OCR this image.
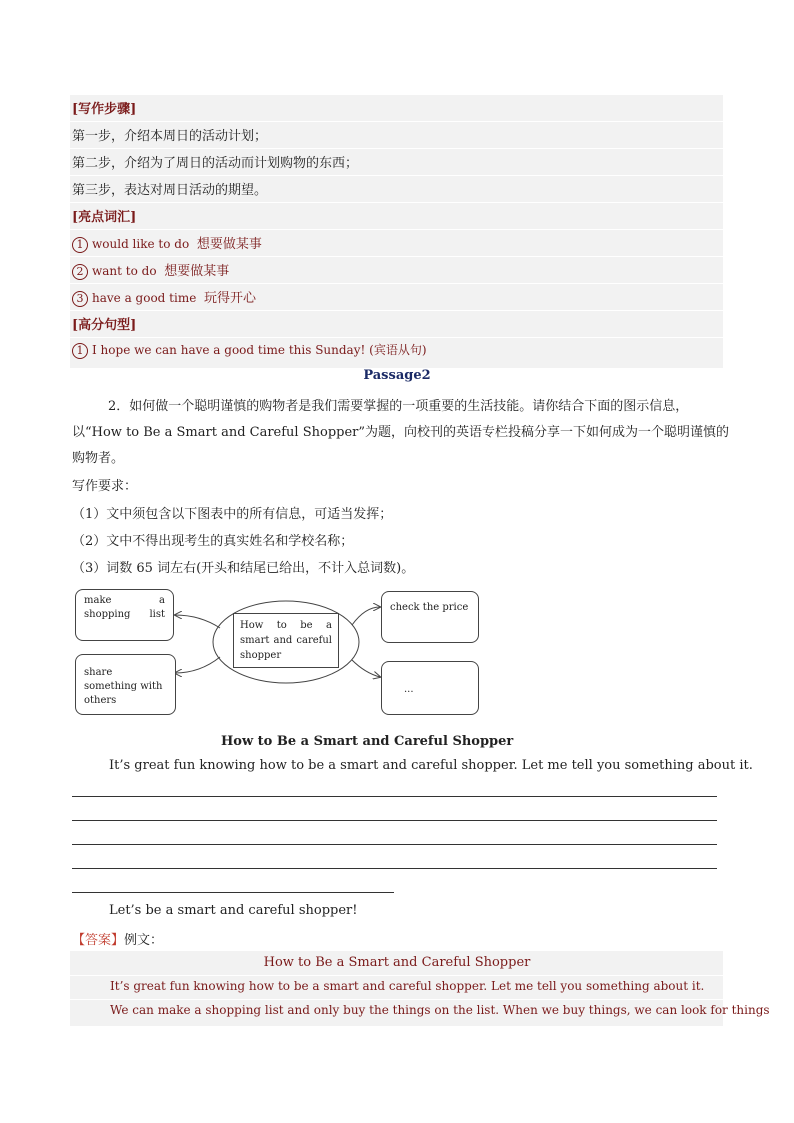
[写作步骤]
第一步，介绍本周日的活动计划；
第二步，介绍为了周日的活动而计划购物的东西；
第三步，表达对周日活动的期望。
[亮点词汇]
1 would like to do 想要做某事
2 want to do 想要做某事
3 have a good time 玩得开心
[高分句型]
1 I hope we can have a good time this Sunday! (宾语从句)
Passage2
2．如何做一个聪明谨慎的购物者是我们需要掌握的一项重要的生活技能。请你结合下面的图示信息，
以“How to Be a Smart and Careful Shopper”为题，向校刊的英语专栏投稿分享一下如何成为一个聪明谨慎的
购物者。
写作要求：
（1）文中须包含以下图表中的所有信息，可适当发挥；
（2）文中不得出现考生的真实姓名和学校名称；
（3）词数 65 词左右(开头和结尾已给出，不计入总词数)。
How to be a smart and careful shopper
make a shopping list
share something with others
check the price
...
How to Be a Smart and Careful Shopper
It’s great fun knowing how to be a smart and careful shopper. Let me tell you something about it.
Let’s be a smart and careful shopper!
【答案】例文：
How to Be a Smart and Careful Shopper
It’s great fun knowing how to be a smart and careful shopper. Let me tell you something about it.
We can make a shopping list and only buy the things on the list. When we buy things, we can look for things
